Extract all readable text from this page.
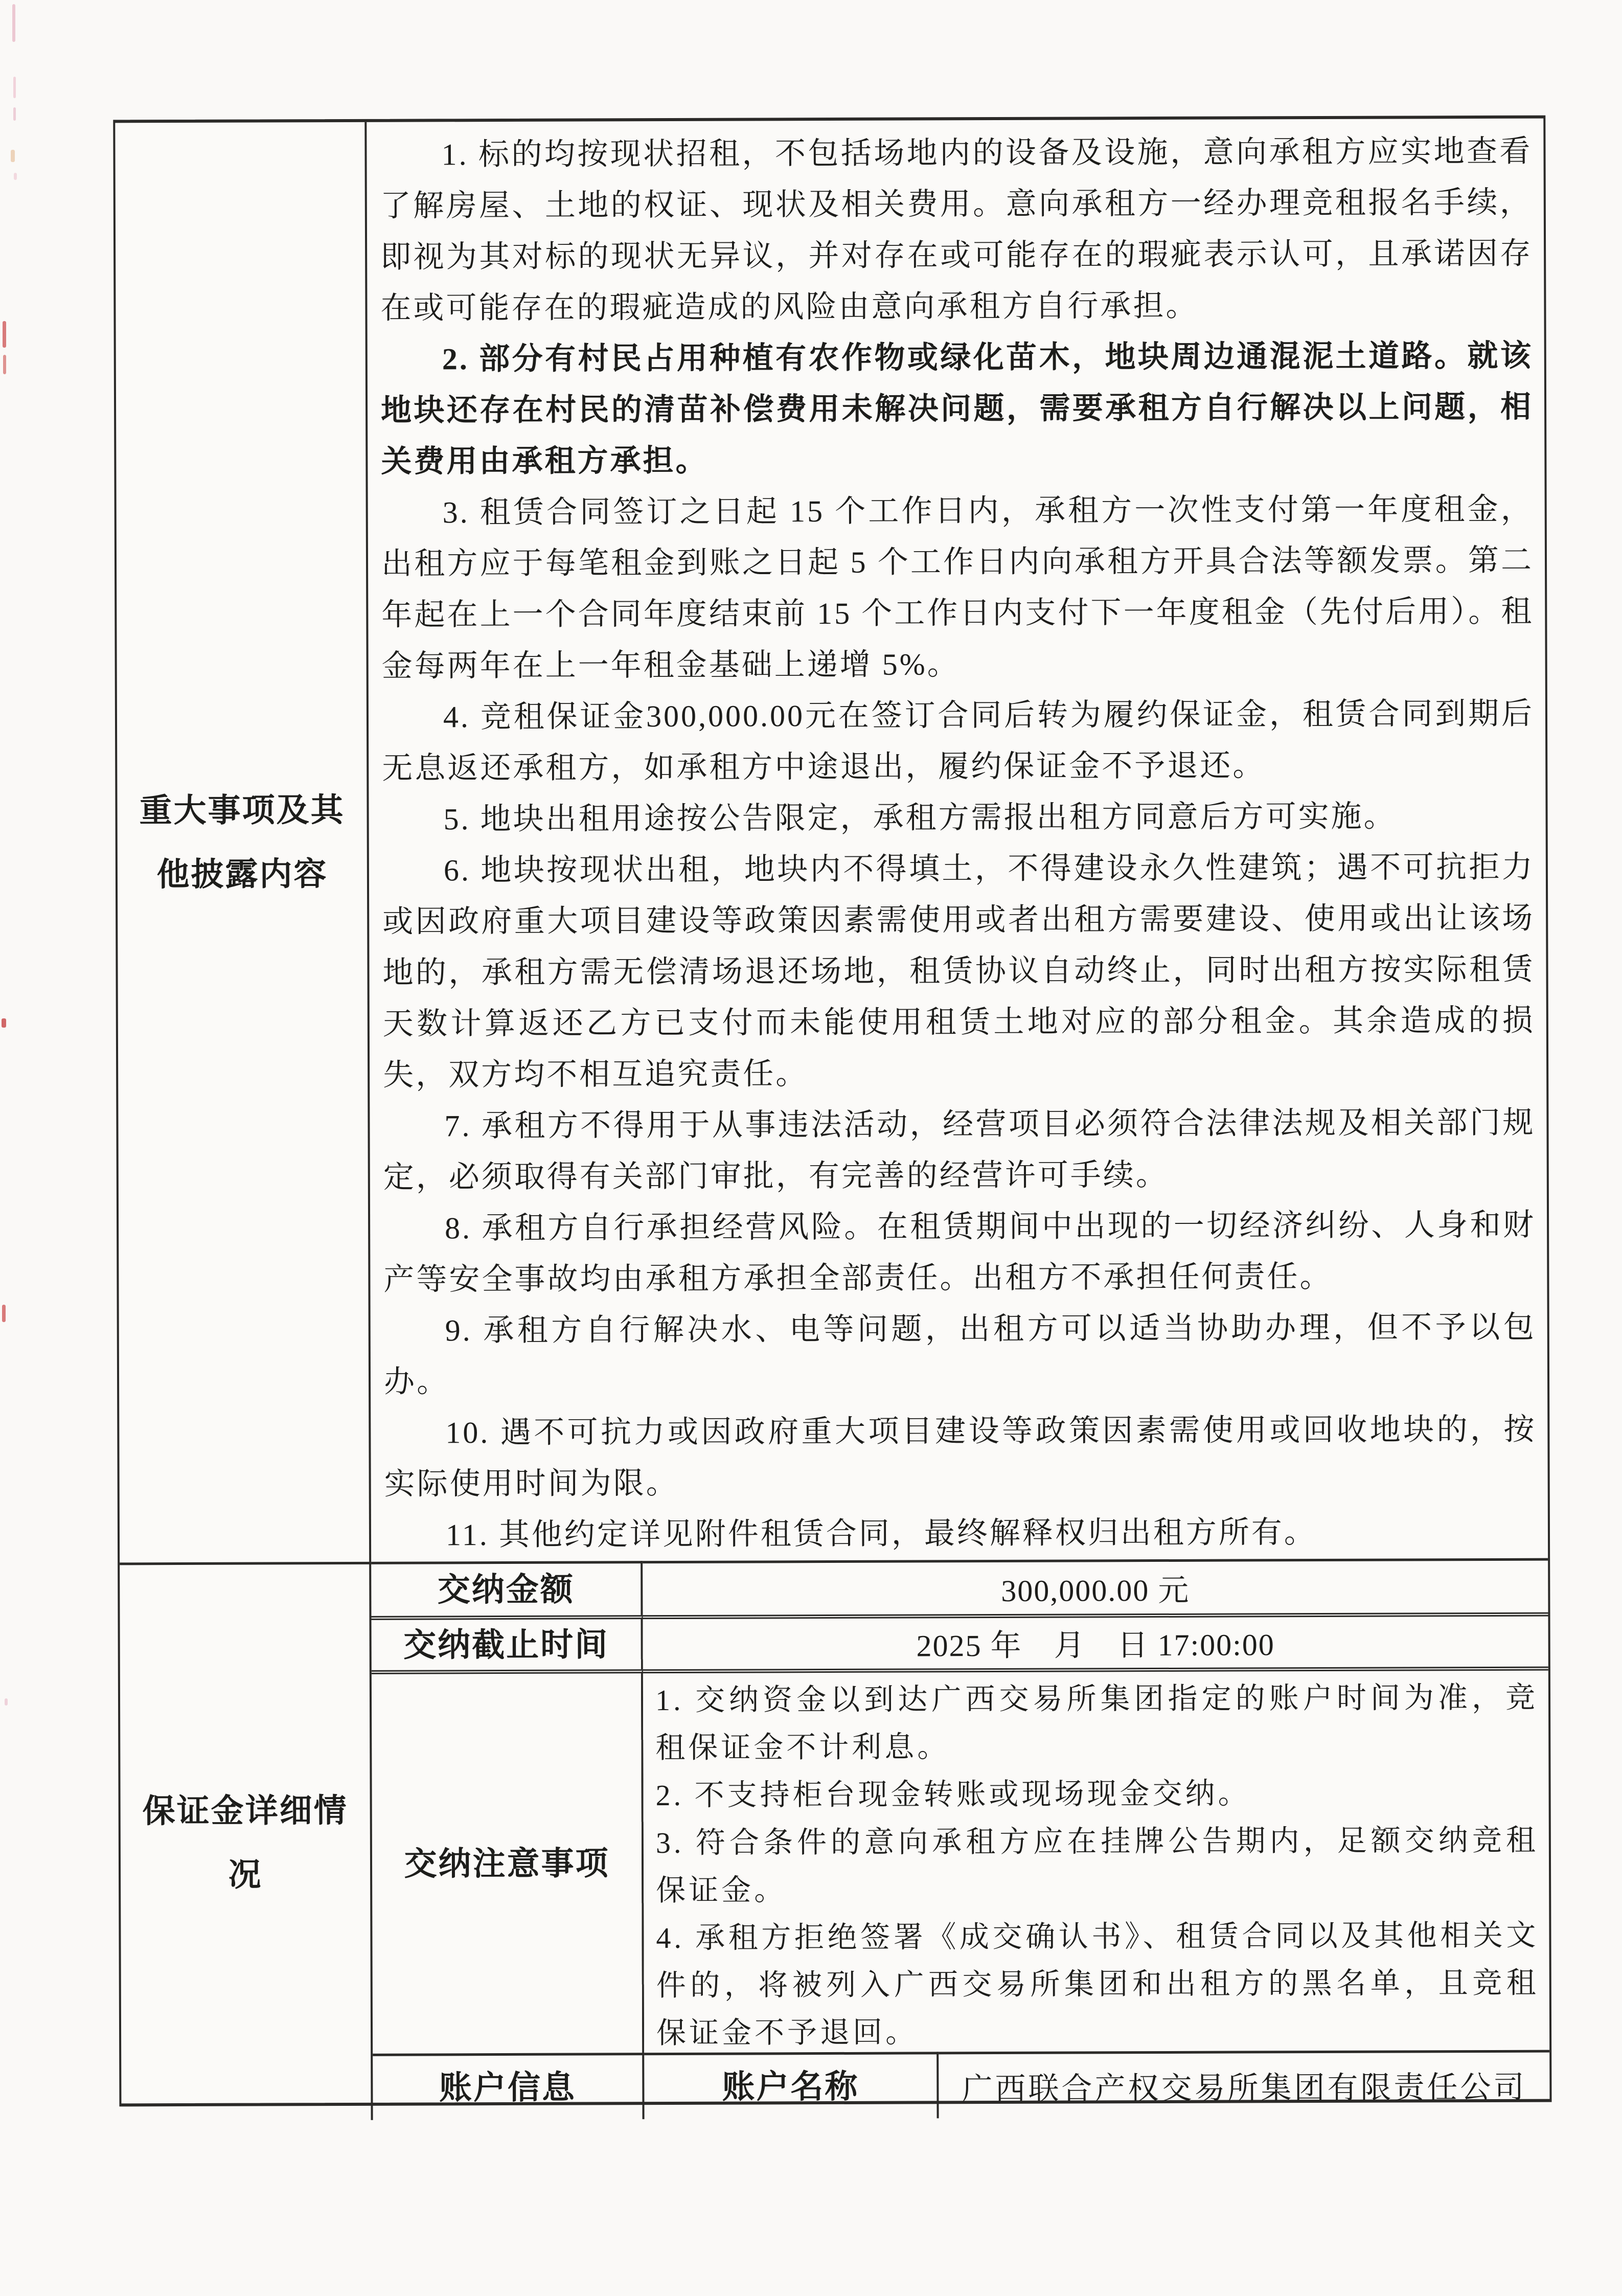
重大事项及其他披露内容

1. 标的均按现状招租，不包括场地内的设备及设施，意向承租方应实地查看了解房屋、土地的权证、现状及相关费用。意向承租方一经办理竞租报名手续，即视为其对标的现状无异议，并对存在或可能存在的瑕疵表示认可，且承诺因存在或可能存在的瑕疵造成的风险由意向承租方自行承担。

2. 部分有村民占用种植有农作物或绿化苗木，地块周边通混泥土道路。就该地块还存在村民的清苗补偿费用未解决问题，需要承租方自行解决以上问题，相关费用由承租方承担。

3. 租赁合同签订之日起 15 个工作日内，承租方一次性支付第一年度租金，出租方应于每笔租金到账之日起 5 个工作日内向承租方开具合法等额发票。第二年起在上一个合同年度结束前 15 个工作日内支付下一年度租金（先付后用）。租金每两年在上一年租金基础上递增 5%。

4. 竞租保证金300,000.00元在签订合同后转为履约保证金，租赁合同到期后无息返还承租方，如承租方中途退出，履约保证金不予退还。

5. 地块出租用途按公告限定，承租方需报出租方同意后方可实施。

6. 地块按现状出租，地块内不得填土，不得建设永久性建筑；遇不可抗拒力或因政府重大项目建设等政策因素需使用或者出租方需要建设、使用或出让该场地的，承租方需无偿清场退还场地，租赁协议自动终止，同时出租方按实际租赁天数计算返还乙方已支付而未能使用租赁土地对应的部分租金。其余造成的损失，双方均不相互追究责任。

7. 承租方不得用于从事违法活动，经营项目必须符合法律法规及相关部门规定，必须取得有关部门审批，有完善的经营许可手续。

8. 承租方自行承担经营风险。在租赁期间中出现的一切经济纠纷、人身和财产等安全事故均由承租方承担全部责任。出租方不承担任何责任。

9. 承租方自行解决水、电等问题，出租方可以适当协助办理，但不予以包办。

10. 遇不可抗力或因政府重大项目建设等政策因素需使用或回收地块的，按实际使用时间为限。

11. 其他约定详见附件租赁合同，最终解释权归出租方所有。

保证金详细情况
交纳金额	300,000.00 元
交纳截止时间	2025 年　月　日 17:00:00
交纳注意事项

1. 交纳资金以到达广西交易所集团指定的账户时间为准，竞租保证金不计利息。

2. 不支持柜台现金转账或现场现金交纳。

3. 符合条件的意向承租方应在挂牌公告期内，足额交纳竞租保证金。

4. 承租方拒绝签署《成交确认书》、租赁合同以及其他相关文件的，将被列入广西交易所集团和出租方的黑名单，且竞租保证金不予退回。

账户信息	账户名称	广西联合产权交易所集团有限责任公司
